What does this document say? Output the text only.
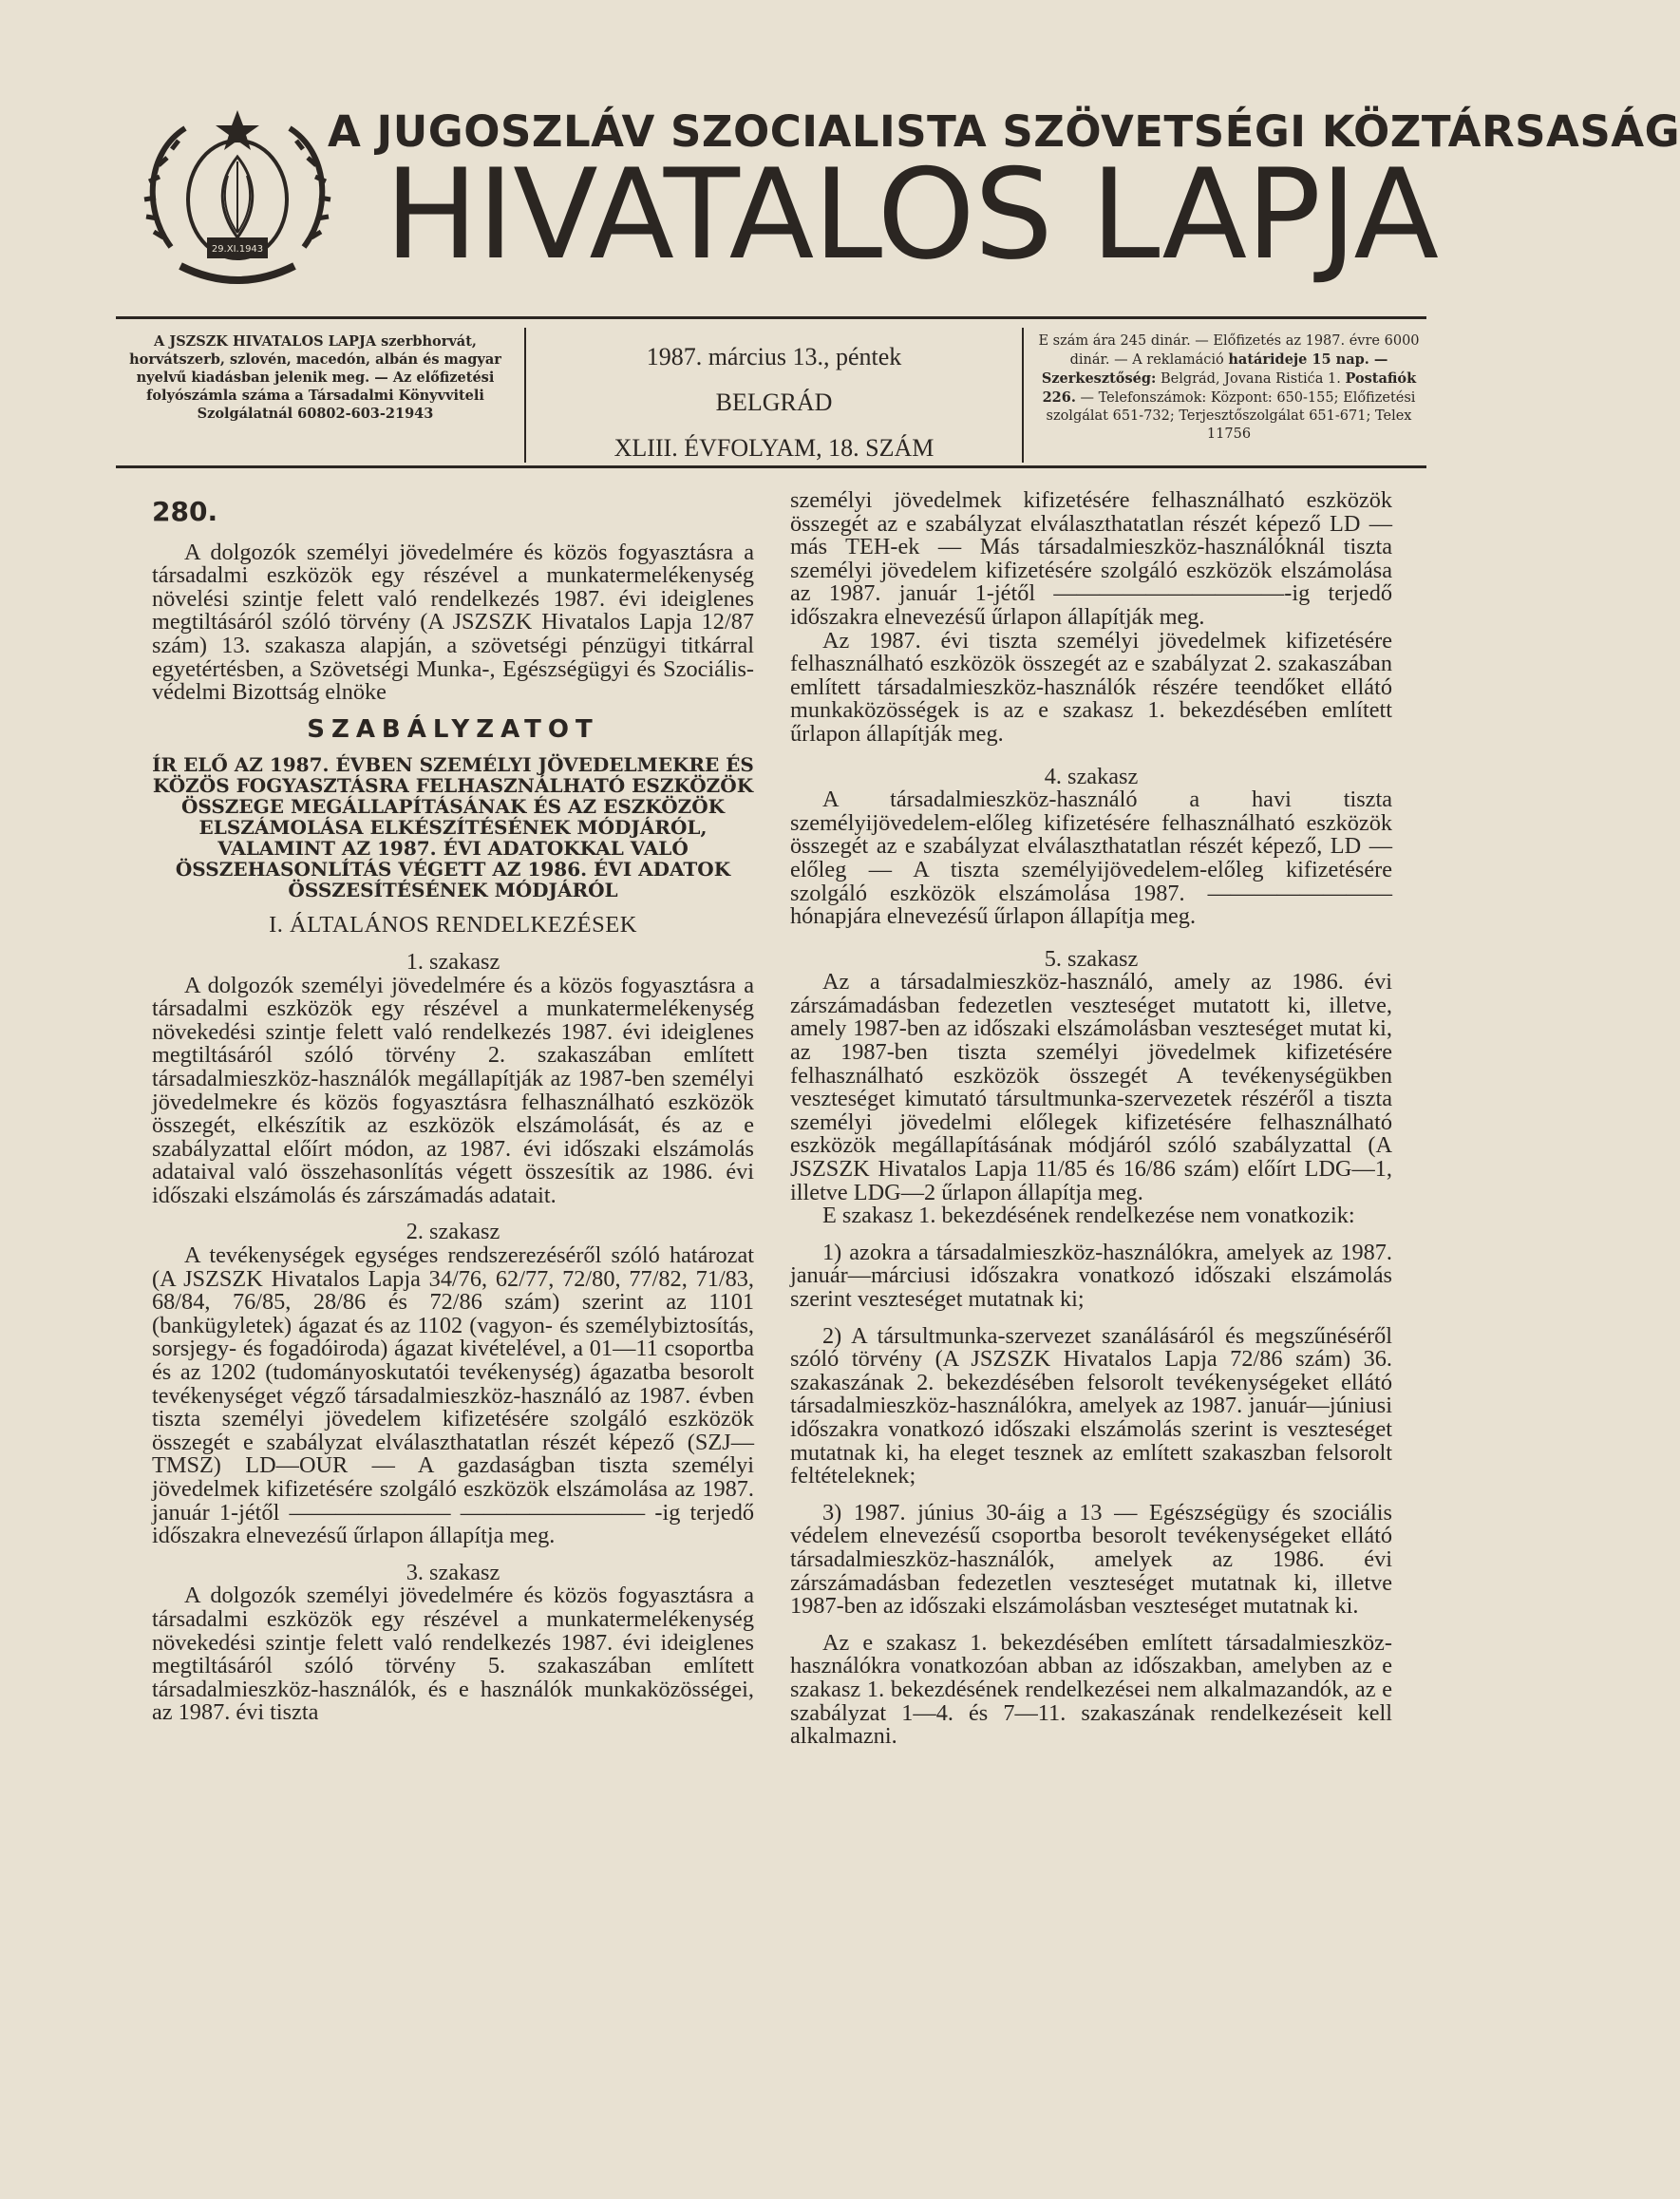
29.XI.1943
A JUGOSZLÁV SZOCIALISTA SZÖVETSÉGI KÖZTÁRSASÁG
HIVATALOS LAPJA
A JSZSZK HIVATALOS LAPJA szerbhorvát, horvátszerb, szlovén, macedón, albán és magyar nyelvű kiadásban jelenik meg. — Az előfizetési folyószámla száma a Társadalmi Könyvviteli Szolgálatnál 60802-603-21943
1987. március 13., péntek
BELGRÁD
XLIII. ÉVFOLYAM, 18. SZÁM
E szám ára 245 dinár. — Előfizetés az 1987. évre 6000 dinár. — A reklamáció határideje 15 nap. — Szerkesztőség: Belgrád, Jovana Ristića 1. Postafiók 226. — Telefonszámok: Központ: 650-155; Előfizetési szolgálat 651-732; Terjesztőszolgálat 651-671; Telex 11756
280.

A dolgozók személyi jövedelmére és közös fogyasztásra a társadalmi eszközök egy részével a munkatermelékenység növelési szintje felett való rendelkezés 1987. évi ideiglenes megtiltásáról szóló törvény (A JSZSZK Hivatalos Lapja 12/87 szám) 13. szakasza alapján, a szövetségi pénzügyi titkárral egyetértésben, a Szövetségi Munka-, Egészségügyi és Szociális-védelmi Bizottság elnöke

SZABÁLYZATOT
ÍR ELŐ AZ 1987. ÉVBEN SZEMÉLYI JÖVEDELMEKRE ÉS KÖZÖS FOGYASZTÁSRA FELHASZNÁLHATÓ ESZKÖZÖK ÖSSZEGE MEGÁLLAPÍTÁSÁNAK ÉS AZ ESZKÖZÖK ELSZÁMOLÁSA ELKÉSZÍTÉSÉNEK MÓDJÁRÓL, VALAMINT AZ 1987. ÉVI ADATOKKAL VALÓ ÖSSZEHASONLÍTÁS VÉGETT AZ 1986. ÉVI ADATOK ÖSSZESÍTÉSÉNEK MÓDJÁRÓL
I. ÁLTALÁNOS RENDELKEZÉSEK
1. szakasz

A dolgozók személyi jövedelmére és a közös fogyasztásra a társadalmi eszközök egy részével a munkatermelékenység növekedési szintje felett való rendelkezés 1987. évi ideiglenes megtiltásáról szóló törvény 2. szakaszában említett társadalmieszköz-használók megállapítják az 1987-ben személyi jövedelmekre és közös fogyasztásra felhasználható eszközök összegét, elkészítik az eszközök elszámolását, és az e szabályzattal előírt módon, az 1987. évi időszaki elszámolás adataival való összehasonlítás végett összesítik az 1986. évi időszaki elszámolás és zárszámadás adatait.

2. szakasz

A tevékenységek egységes rendszerezéséről szóló határozat (A JSZSZK Hivatalos Lapja 34/76, 62/77, 72/80, 77/82, 71/83, 68/84, 76/85, 28/86 és 72/86 szám) szerint az 1101 (bankügyletek) ágazat és az 1102 (vagyon- és személybiztosítás, sorsjegy- és fogadóiroda) ágazat kivételével, a 01—11 csoportba és az 1202 (tudományoskutatói tevékenység) ágazatba besorolt tevékenységet végző társadalmieszköz-használó az 1987. évben tiszta személyi jövedelem kifizetésére szolgáló eszközök összegét e szabályzat elválaszthatatlan részét képező (SZJ—TMSZ) LD—OUR — A gazdaságban tiszta személyi jövedelmek kifizetésére szolgáló eszközök elszámolása az 1987. január 1-jétől ——————— ———————— -ig terjedő időszakra elnevezésű űrlapon állapítja meg.

3. szakasz

A dolgozók személyi jövedelmére és közös fogyasztásra a társadalmi eszközök egy részével a munkatermelékenység növekedési szintje felett való rendelkezés 1987. évi ideiglenes megtiltásáról szóló törvény 5. szakaszában említett társadalmieszköz-használók, és e használók munkaközösségei, az 1987. évi tiszta

személyi jövedelmek kifizetésére felhasználható eszközök összegét az e szabályzat elválaszthatatlan részét képező LD — más TEH-ek — Más társadalmieszköz-használóknál tiszta személyi jövedelem kifizetésére szolgáló eszközök elszámolása az 1987. január 1-jétől ——————————-ig terjedő időszakra elnevezésű űrlapon állapítják meg.

Az 1987. évi tiszta személyi jövedelmek kifizetésére felhasználható eszközök összegét az e szabályzat 2. szakaszában említett társadalmieszköz-használók részére teendőket ellátó munkaközösségek is az e szakasz 1. bekezdésében említett űrlapon állapítják meg.

4. szakasz

A társadalmieszköz-használó a havi tiszta személyijövedelem-előleg kifizetésére felhasználható eszközök összegét az e szabályzat elválaszthatatlan részét képező, LD — előleg — A tiszta személyijövedelem-előleg kifizetésére szolgáló eszközök elszámolása 1987. ———————— hónapjára elnevezésű űrlapon állapítja meg.

5. szakasz

Az a társadalmieszköz-használó, amely az 1986. évi zárszámadásban fedezetlen veszteséget mutatott ki, illetve, amely 1987-ben az időszaki elszámolásban veszteséget mutat ki, az 1987-ben tiszta személyi jövedelmek kifizetésére felhasználható eszközök összegét A tevékenységükben veszteséget kimutató társultmunka-szervezetek részéről a tiszta személyi jövedelmi előlegek kifizetésére felhasználható eszközök megállapításának módjáról szóló szabályzattal (A JSZSZK Hivatalos Lapja 11/85 és 16/86 szám) előírt LDG—1, illetve LDG—2 űrlapon állapítja meg.

E szakasz 1. bekezdésének rendelkezése nem vonatkozik:

1) azokra a társadalmieszköz-használókra, amelyek az 1987. január—márciusi időszakra vonatkozó időszaki elszámolás szerint veszteséget mutatnak ki;

2) A társultmunka-szervezet szanálásáról és megszűnéséről szóló törvény (A JSZSZK Hivatalos Lapja 72/86 szám) 36. szakaszának 2. bekezdésében felsorolt tevékenységeket ellátó társadalmieszköz-használókra, amelyek az 1987. január—júniusi időszakra vonatkozó időszaki elszámolás szerint is veszteséget mutatnak ki, ha eleget tesznek az említett szakaszban felsorolt feltételeknek;

3) 1987. június 30-áig a 13 — Egészségügy és szociális védelem elnevezésű csoportba besorolt tevékenységeket ellátó társadalmieszköz-használók, amelyek az 1986. évi zárszámadásban fedezetlen veszteséget mutatnak ki, illetve 1987-ben az időszaki elszámolásban veszteséget mutatnak ki.

Az e szakasz 1. bekezdésében említett társadalmieszköz-használókra vonatkozóan abban az időszakban, amelyben az e szakasz 1. bekezdésének rendelkezései nem alkalmazandók, az e szabályzat 1—4. és 7—11. szakaszának rendelkezéseit kell alkalmazni.
